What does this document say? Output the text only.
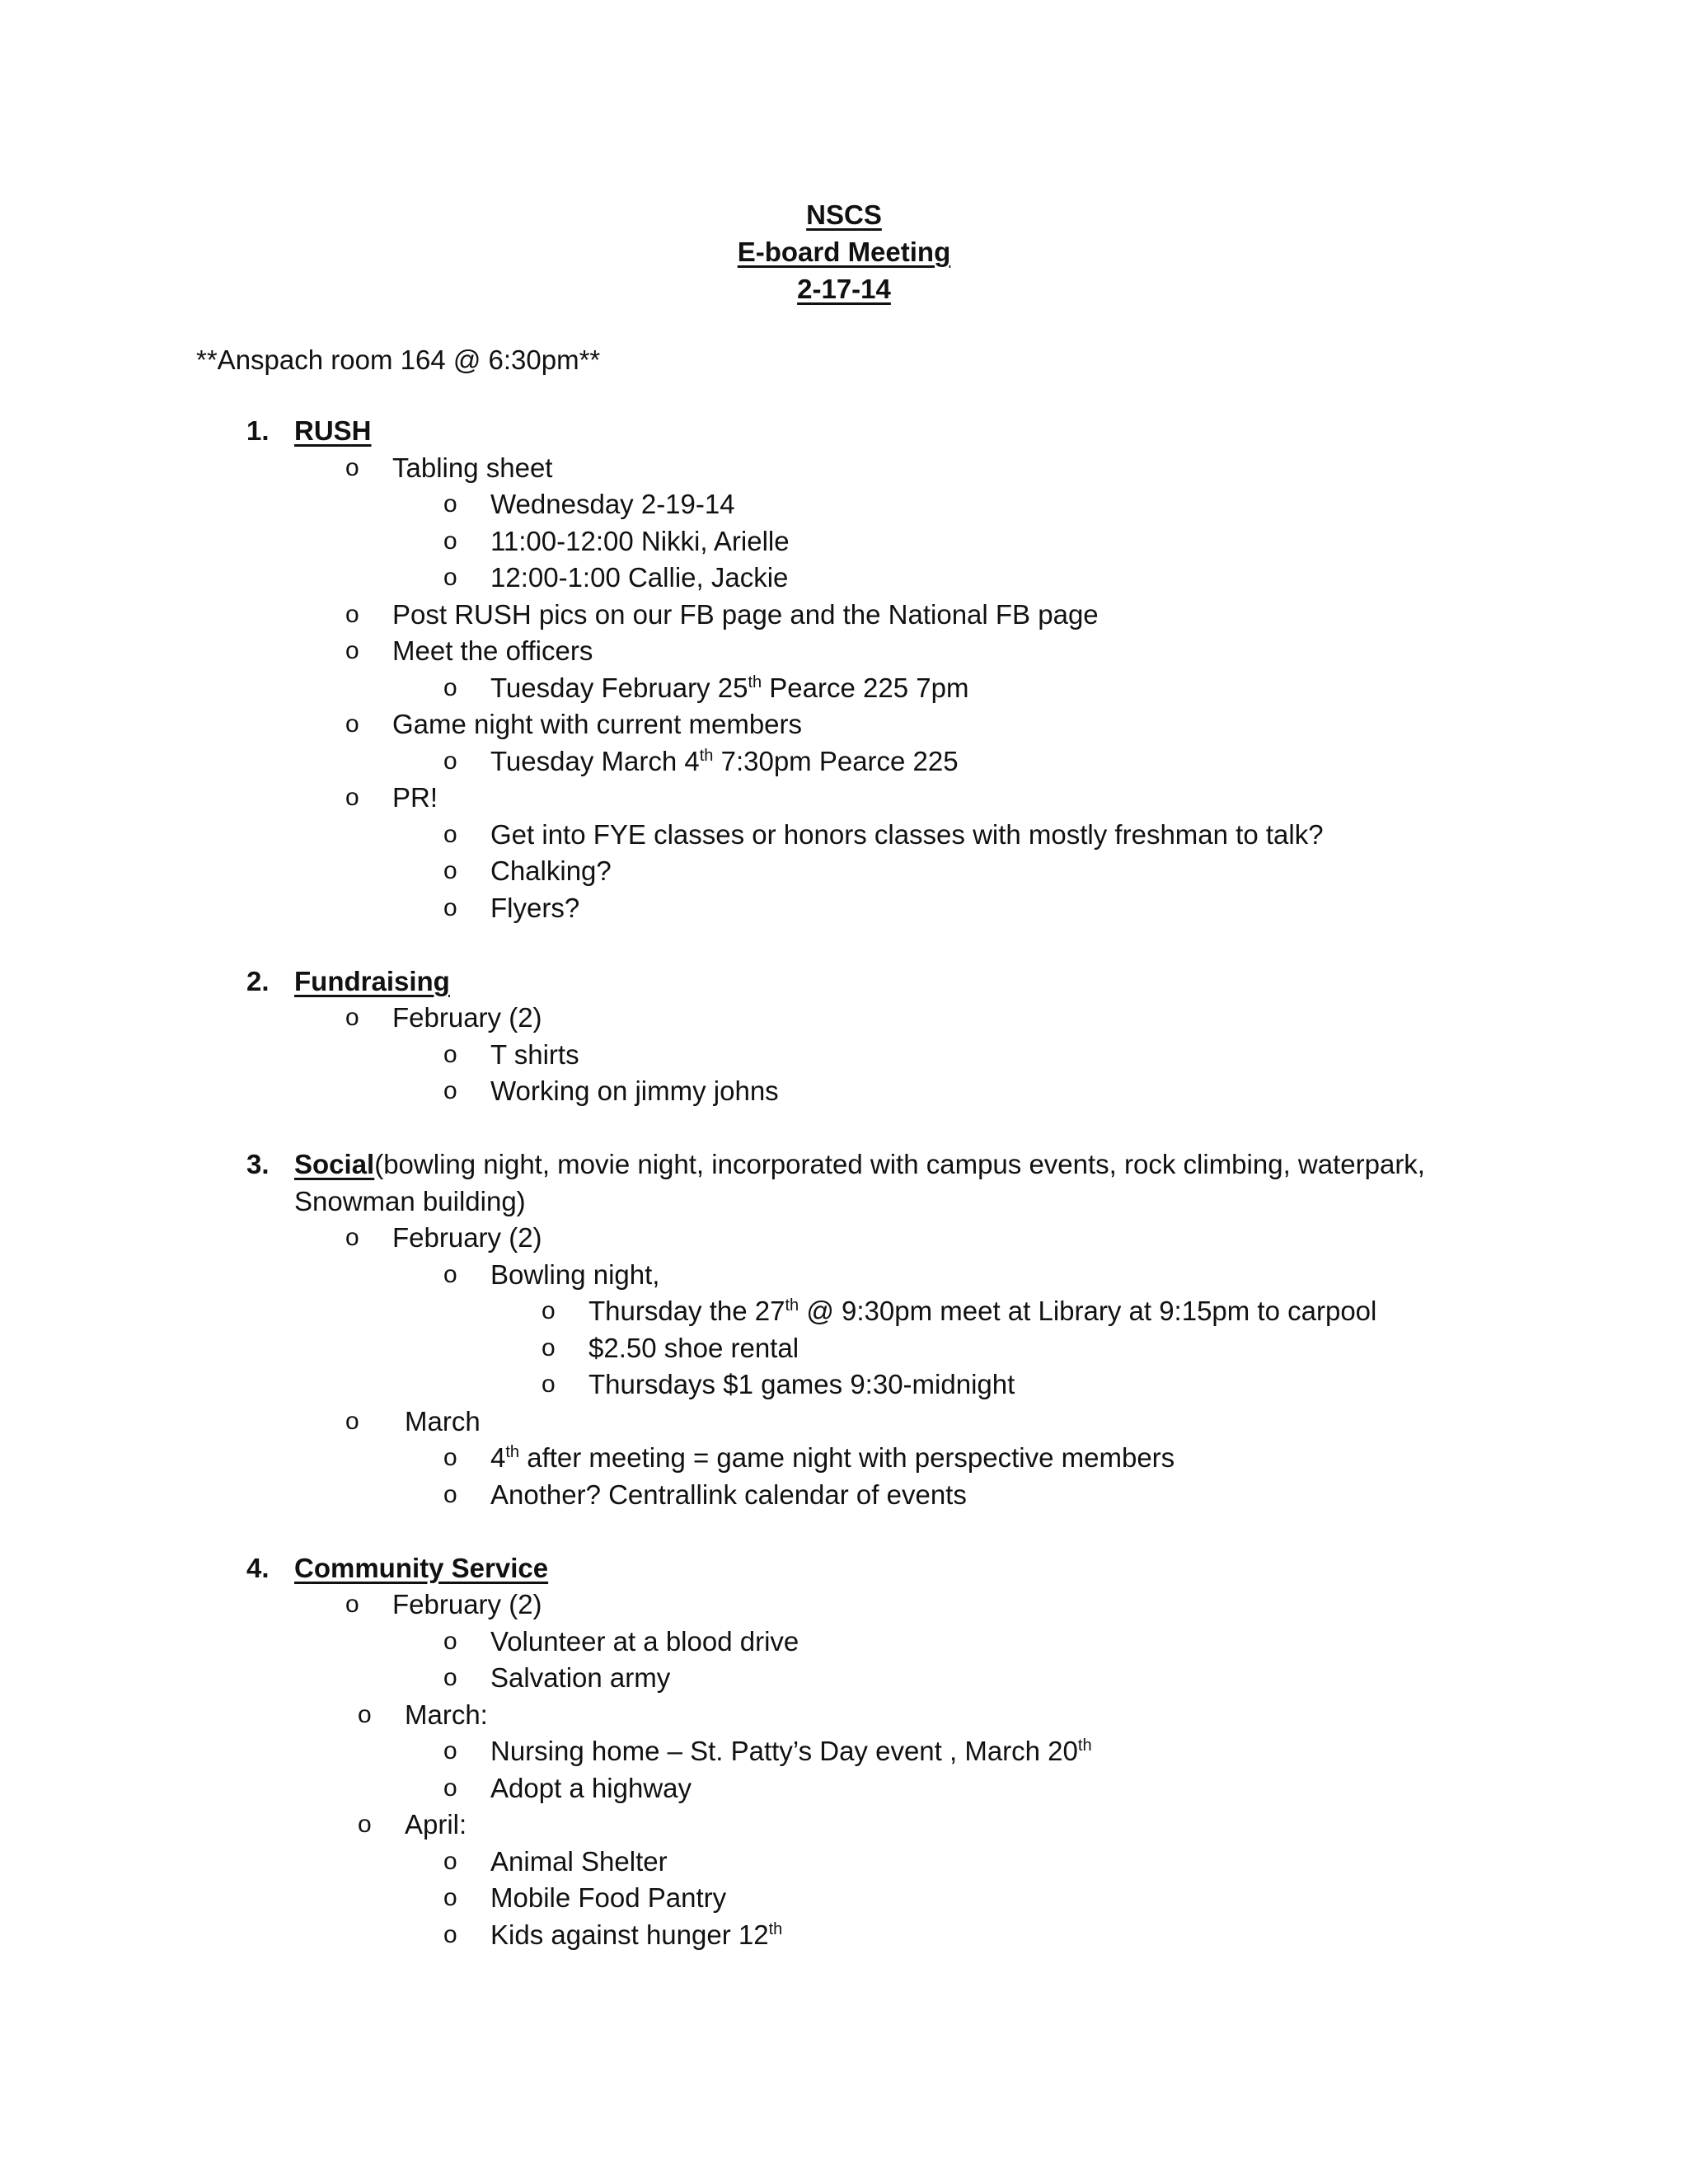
NSCS
E-board Meeting
2-17-14
**Anspach room 164 @ 6:30pm**
1. RUSH
o Tabling sheet
o Wednesday 2-19-14
o 11:00-12:00 Nikki, Arielle
o 12:00-1:00 Callie, Jackie
o Post RUSH pics on our FB page and the National FB page
o Meet the officers
o Tuesday February 25th Pearce 225 7pm
o Game night with current members
o Tuesday March 4th 7:30pm Pearce 225
o PR!
o Get into FYE classes or honors classes with mostly freshman to talk?
o Chalking?
o Flyers?
2. Fundraising
o February (2)
o T shirts
o Working on jimmy johns
3. Social(bowling night, movie night, incorporated with campus events, rock climbing, waterpark,
Snowman building)
o February (2)
o Bowling night,
o Thursday the 27th @ 9:30pm meet at Library at 9:15pm to carpool
o $2.50 shoe rental
o Thursdays $1 games 9:30-midnight
o March
o 4th after meeting = game night with perspective members
o Another? Centrallink calendar of events
4. Community Service
o February (2)
o Volunteer at a blood drive
o Salvation army
o March:
o Nursing home – St. Patty’s Day event , March 20th
o Adopt a highway
o April:
o Animal Shelter
o Mobile Food Pantry
o Kids against hunger 12th
